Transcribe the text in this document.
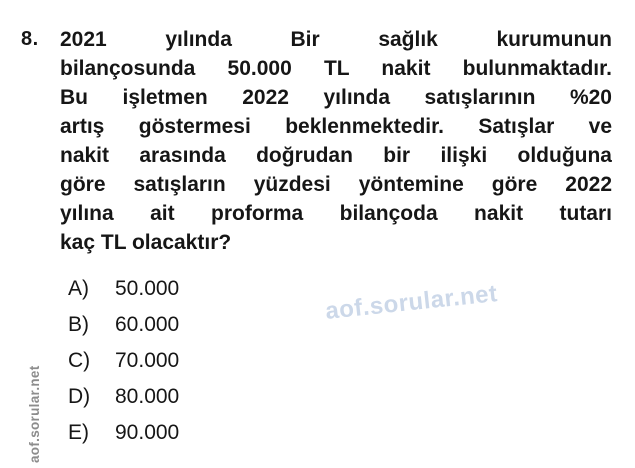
8. 2021 yılında Bir sağlık kurumunun
bilançosunda 50.000 TL nakit bulunmaktadır.
Bu işletmen 2022 yılında satışlarının %20
artış göstermesi beklenmektedir. Satışlar ve
nakit arasında doğrudan bir ilişki olduğuna
göre satışların yüzdesi yöntemine göre 2022
yılına ait proforma bilançoda nakit tutarı
kaç TL olacaktır?
A)	50.000
B)	60.000
C)	70.000
D)	80.000
E)	90.000
aof.sorular.net
aof.sorular.net
